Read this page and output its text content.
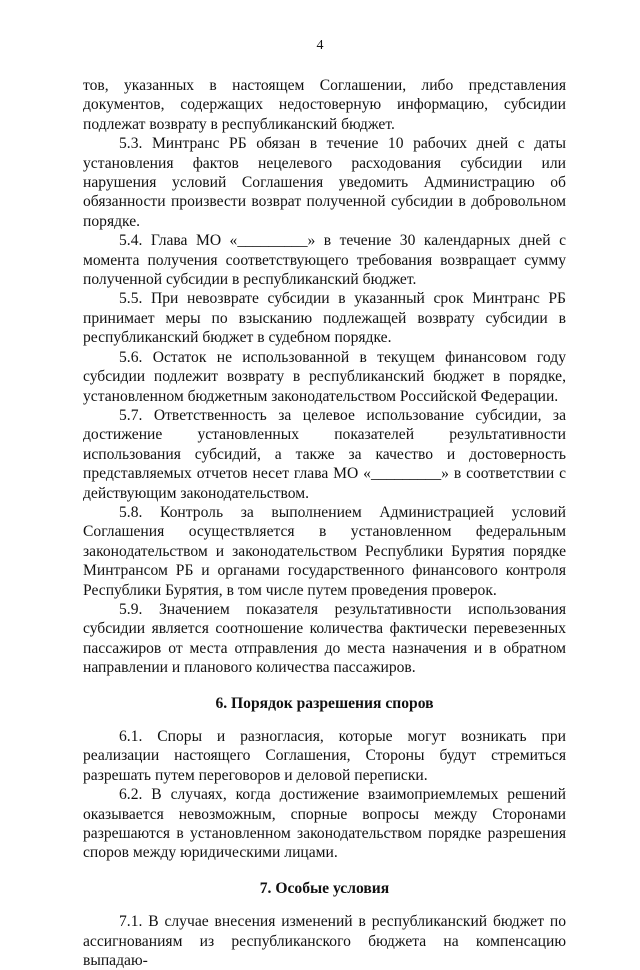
4

тов, указанных в настоящем Соглашении, либо представления документов, содержащих недостоверную информацию, субсидии подлежат возврату в республиканский бюджет.

5.3. Минтранс РБ обязан в течение 10 рабочих дней с даты установления фактов нецелевого расходования субсидии или нарушения условий Соглашения уведомить Администрацию об обязанности произвести возврат полученной субсидии в добровольном порядке.

5.4. Глава МО «_________» в течение 30 календарных дней с момента получения соответствующего требования возвращает сумму полученной субсидии в республиканский бюджет.

5.5. При невозврате субсидии в указанный срок Минтранс РБ принимает меры по взысканию подлежащей возврату субсидии в республиканский бюджет в судебном порядке.

5.6. Остаток не использованной в текущем финансовом году субсидии подлежит возврату в республиканский бюджет в порядке, установленном бюджетным законодательством Российской Федерации.

5.7. Ответственность за целевое использование субсидии, за достижение установленных показателей результативности использования субсидий, а также за качество и достоверность представляемых отчетов несет глава МО «_________» в соответствии с действующим законодательством.

5.8. Контроль за выполнением Администрацией условий Соглашения осуществляется в установленном федеральным законодательством и законодательством Республики Бурятия порядке Минтрансом РБ и органами государственного финансового контроля Республики Бурятия, в том числе путем проведения проверок.

5.9. Значением показателя результативности использования субсидии является соотношение количества фактически перевезенных пассажиров от места отправления до места назначения и в обратном направлении и планового количества пассажиров.

6. Порядок разрешения споров

6.1. Споры и разногласия, которые могут возникать при реализации настоящего Соглашения, Стороны будут стремиться разрешать путем переговоров и деловой переписки.

6.2. В случаях, когда достижение взаимоприемлемых решений оказывается невозможным, спорные вопросы между Сторонами разрешаются в установленном законодательством порядке разрешения споров между юридическими лицами.

7. Особые условия

7.1. В случае внесения изменений в республиканский бюджет по ассигнованиям из республиканского бюджета на компенсацию выпадаю-
